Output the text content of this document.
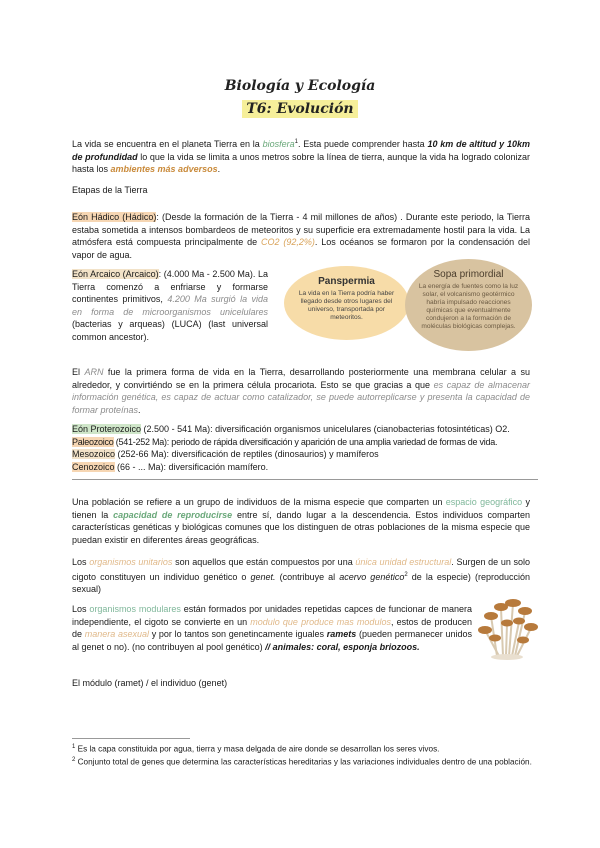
Biología y Ecología
T6: Evolución
La vida se encuentra en el planeta Tierra en la biosfera$^1$. Esta puede comprender hasta 10 km de altitud y 10km de profundidad lo que la vida se limita a unos metros sobre la línea de tierra, aunque la vida ha logrado colonizar hasta los ambientes más adversos.
Etapas de la Tierra
Eón Hádico (Hádico): (Desde la formación de la Tierra - 4 mil millones de años) . Durante este periodo, la Tierra estaba sometida a intensos bombardeos de meteoritos y su superficie era extremadamente hostil para la vida. La atmósfera está compuesta principalmente de CO2 (92,2%). Los océanos se formaron por la condensación del vapor de agua.
Eón Arcaico (Arcaico): (4.000 Ma - 2.500 Ma). La Tierra comenzó a enfriarse y formarse continentes primitivos, 4.200 Ma surgió la vida en forma de microorganismos unicelulares (bacterias y arqueas) (LUCA) (last universal common ancestor).
Panspermia
La vida en la Tierra podría haber llegado desde otros lugares del universo, transportada por meteoritos.
Sopa primordial
La energía de fuentes como la luz solar, el volcanismo geotérmico habría impulsado reacciones químicas que eventualmente condujeron a la formación de moléculas biológicas complejas.
El ARN fue la primera forma de vida en la Tierra, desarrollando posteriormente una membrana celular a su alrededor, y convirtiéndo se en la primera célula procariota. Esto se que gracias a que es capaz de almacenar información genética, es capaz de actuar como catalizador, se puede autorreplicarse y presenta la capacidad de formar proteínas.
Eón Proterozoico (2.500 - 541 Ma): diversificación organismos unicelulares (cianobacterias fotosintéticas) O2.
Paleozoico (541-252 Ma): periodo de rápida diversificación y aparición de una amplia variedad de formas de vida.
Mesozoico (252-66 Ma): diversificación de reptiles (dinosaurios) y mamíferos
Cenozoico (66 - ... Ma): diversificación mamífero.
Una población se refiere a un grupo de individuos de la misma especie que comparten un espacio geográfico y tienen la capacidad de reproducirse entre sí, dando lugar a la descendencia. Estos individuos comparten características genéticas y biológicas comunes que los distinguen de otras poblaciones de la misma especie que puedan existir en diferentes áreas geográficas.
Los organismos unitarios son aquellos que están compuestos por una única unidad estructural. Surgen de un solo cigoto constituyen un individuo genético o genet. (contribuye al acervo genético$^2$ de la especie) (reproducción sexual)
Los organismos modulares están formados por unidades repetidas capces de funcionar de manera independiente, el cigoto se convierte en un modulo que produce mas modulos, estos de producen de manera asexual y por lo tantos son genetincamente iguales ramets (pueden permanecer unidos al genet o no). (no contribuyen al pool genético) // animales: coral, esponja briozoos.
El módulo (ramet) / el individuo (genet)
$^1$ Es la capa constituida por agua, tierra y masa delgada de aire donde se desarrollan los seres vivos.
$^2$ Conjunto total de genes que determina las características hereditarias y las variaciones individuales dentro de una población.
